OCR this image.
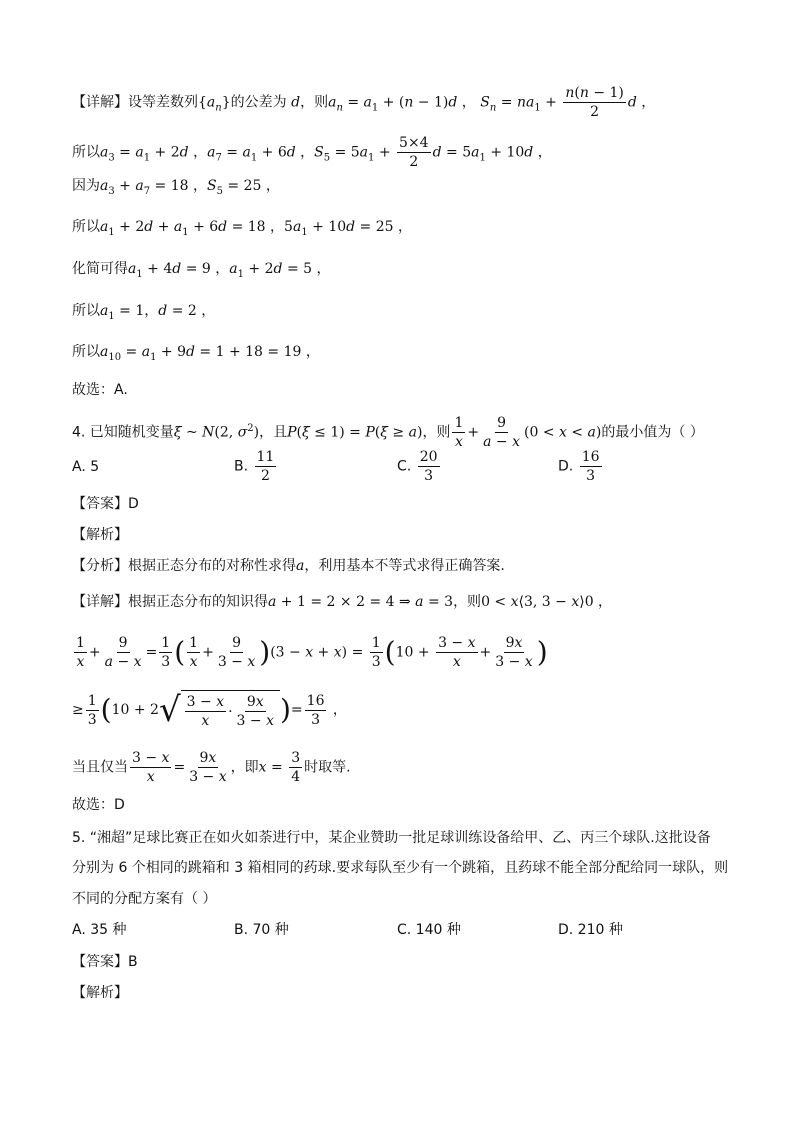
【详解】设等差数列$\{a_n\}$的公差为 d，则$a_n = a_1 + (n - 1)d$ ， $S_n = na_1 + \frac{n(n - 1)}{2}$ d ，
所以$a_3 = a_1 + 2d$ ，$a_7 = a_1 + 6d$ ，$S_5 = 5a_1 + \frac{5\times 4}{2}$ $d = 5a_1 + 10d$ ，
因为$a_3 + a_7 = 18$ ，$S_5 = 25$ ，
所以$a_1 + 2d + a_1 + 6d = 18$ ，$5a_1 + 10d = 25$ ，
化简可得$a_1 + 4d = 9$ ，$a_1 + 2d = 5$ ，
所以$a_1 = 1$，d = 2 ，
所以$a_{10} = a_1 + 9d = 1 + 18 = 19$ ，
故选：A.
4. 已知随机变量ξ ~ N(2, $\sigma^2$)，且P(ξ ≤ 1) = P(ξ ≥ a)，则 $\frac{1}{x} + \frac{9}{a - x} (0 < x < a)$的最小值为（ ）
A. 5	B. $\frac{11}{2}$	C. $\frac{20}{3}$	D. $\frac{16}{3}$
【答案】D
【解析】
【分析】根据正态分布的对称性求得a，利用基本不等式求得正确答案.
【详解】根据正态分布的知识得a + 1 = 2 × 2 = 4 ⇒ a = 3，则0 < x⟨3, 3 − x⟩0 ，
$\frac{1}{x} + \frac{9}{a - x} = \frac{1}{3}$ ( $\frac{1}{x} + \frac{9}{3 - x} )(3 - x + x) = \frac{1}{3} (10 + \frac{3 - x}{x} + \frac{9x}{3 - x}$ )
≥ $\frac{1}{3} (10 + 2$ √ $\frac{3 - x}{x} \cdot \frac{9x}{3 - x}$ )= $\frac{16}{3}$ ，
当且仅当 $\frac{3 - x}{x} = \frac{9x}{3 - x}$ ，即$x = \frac{3}{4}$ 时取等.
故选：D
5. “湘超”足球比赛正在如火如荼进行中，某企业赞助一批足球训练设备给甲、乙、丙三个球队.这批设备
分别为 6 个相同的跳箱和 3 箱相同的药球.要求每队至少有一个跳箱，且药球不能全部分配给同一球队，则
不同的分配方案有（ ）
A. 35 种	B. 70 种	C. 140 种	D. 210 种
【答案】B
【解析】
